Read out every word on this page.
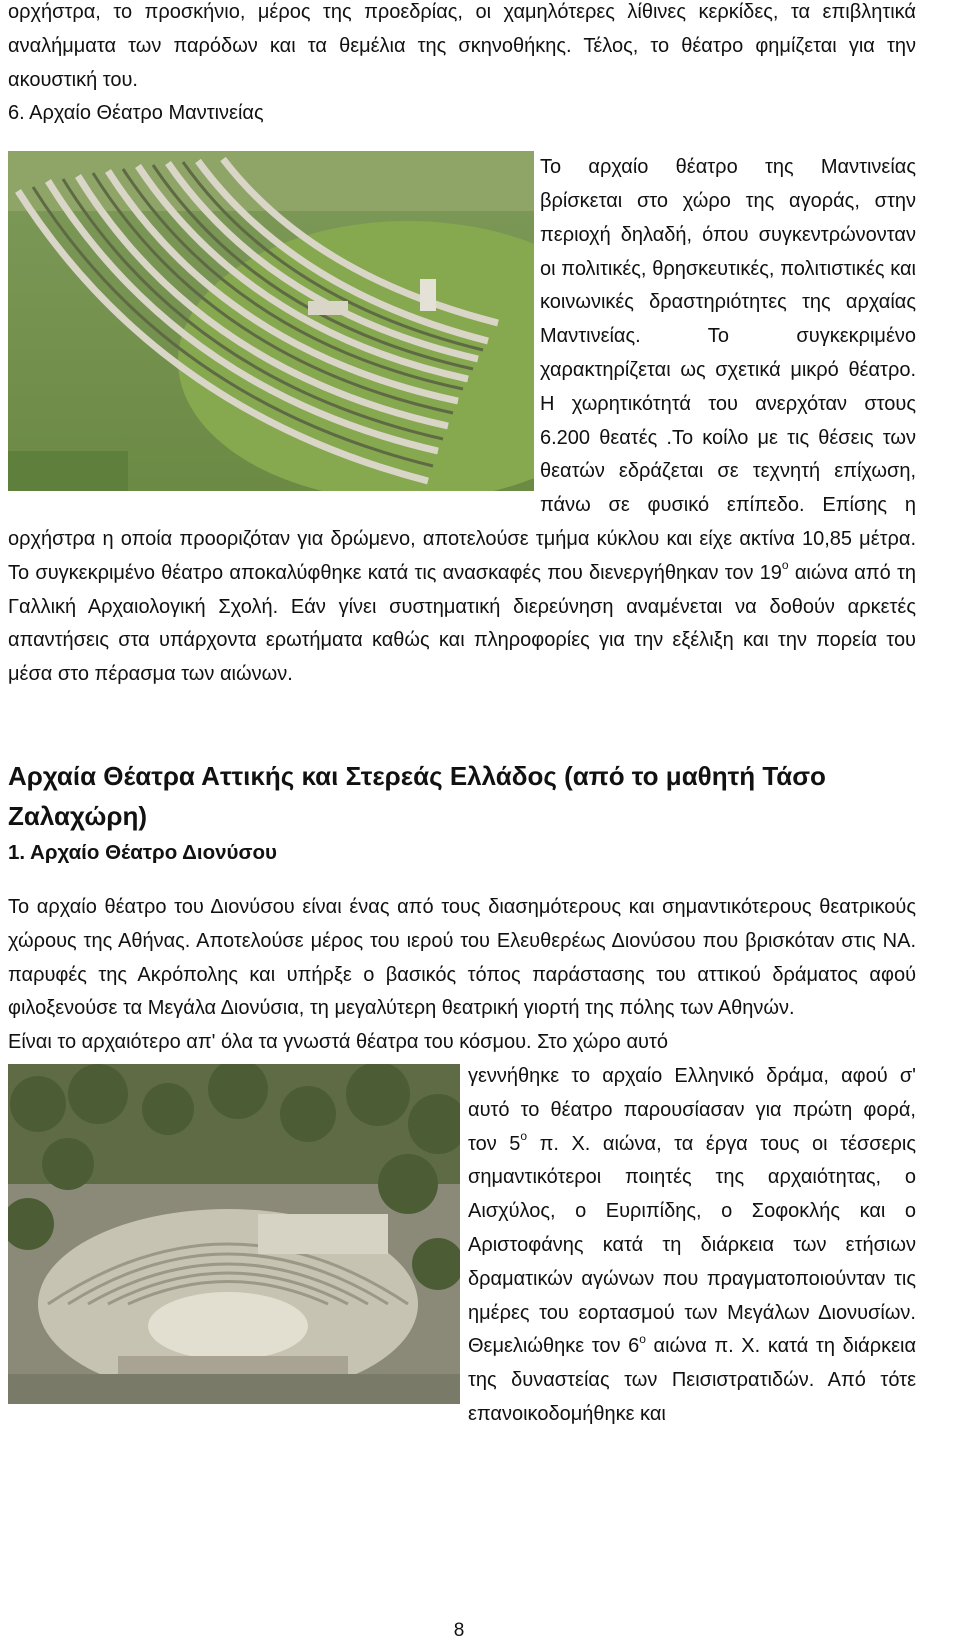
ορχήστρα, το προσκήνιο, μέρος της προεδρίας, οι χαμηλότερες λίθινες κερκίδες, τα επιβλητικά αναλήμματα των παρόδων και τα θεμέλια της σκηνοθήκης. Τέλος, το θέατρο φημίζεται για την ακουστική του.

6. Αρχαίο Θέατρο Μαντινείας

Το αρχαίο θέατρο της Μαντινείας βρίσκεται στο χώρο της αγοράς, στην περιοχή δηλαδή, όπου συγκεντρώνονταν οι πολιτικές, θρησκευτικές, πολιτιστικές και κοινωνικές δραστηριότητες της αρχαίας Μαντινείας. Το συγκεκριμένο χαρακτηρίζεται ως σχετικά μικρό θέατρο. Η χωρητικότητά του ανερχόταν στους 6.200 θεατές .Το κοίλο με τις θέσεις των θεατών εδράζεται σε τεχνητή επίχωση, πάνω σε φυσικό επίπεδο. Επίσης η ορχήστρα η οποία προοριζόταν για δρώμενο, αποτελούσε τμήμα κύκλου και είχε ακτίνα 10,85 μέτρα. Το συγκεκριμένο θέατρο αποκαλύφθηκε κατά τις ανασκαφές που διενεργήθηκαν τον $19^o$ αιώνα από τη Γαλλική Αρχαιολογική Σχολή. Εάν γίνει συστηματική διερεύνηση αναμένεται να δοθούν αρκετές απαντήσεις στα υπάρχοντα ερωτήματα καθώς και πληροφορίες για την εξέλιξη και την πορεία του μέσα στο πέρασμα των αιώνων.

Αρχαία Θέατρα Αττικής και Στερεάς Ελλάδος (από το μαθητή Τάσο Ζαλαχώρη)
1. Αρχαίο Θέατρο Διονύσου

Το αρχαίο θέατρο του Διονύσου είναι ένας από τους διασημότερους και σημαντικότερους θεατρικούς χώρους της Αθήνας. Αποτελούσε μέρος του ιερού του Ελευθερέως Διονύσου που βρισκόταν στις ΝΑ. παρυφές της Ακρόπολης και υπήρξε ο βασικός τόπος παράστασης του αττικού δράματος αφού φιλοξενούσε τα Μεγάλα Διονύσια, τη μεγαλύτερη θεατρική γιορτή της πόλης των Αθηνών.

Είναι το αρχαιότερο απ' όλα τα γνωστά θέατρα του κόσμου. Στο χώρο αυτό

γεννήθηκε το αρχαίο Ελληνικό δράμα, αφού σ' αυτό το θέατρο παρουσίασαν για πρώτη φορά, τον $5^o$ π. Χ. αιώνα, τα έργα τους οι τέσσερις σημαντικότεροι ποιητές της αρχαιότητας, ο Αισχύλος, ο Ευριπίδης, ο Σοφοκλής και ο Αριστοφάνης κατά τη διάρκεια των ετήσιων δραματικών αγώνων που πραγματοποιούνταν τις ημέρες του εορτασμού των Μεγάλων Διονυσίων. Θεμελιώθηκε τον $6^o$ αιώνα π. Χ. κατά τη διάρκεια της δυναστείας των Πεισιστρατιδών. Από τότε επανοικοδομήθηκε και

8
